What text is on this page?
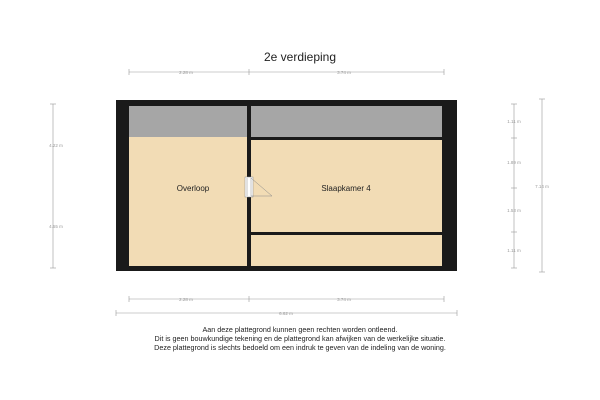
2e verdieping
2.28 m	3.74 m
4.22 m
4.55 m
1.11 m
1.89 m
1.53 m
1.11 m
7.14 m
Overloop	Slaapkamer 4
2.28 m	3.74 m
6.62 m
Aan deze plattegrond kunnen geen rechten worden ontleend.
Dit is geen bouwkundige tekening en de plattegrond kan afwijken van de werkelijke situatie.
Deze plattegrond is slechts bedoeld om een indruk te geven van de indeling van de woning.
